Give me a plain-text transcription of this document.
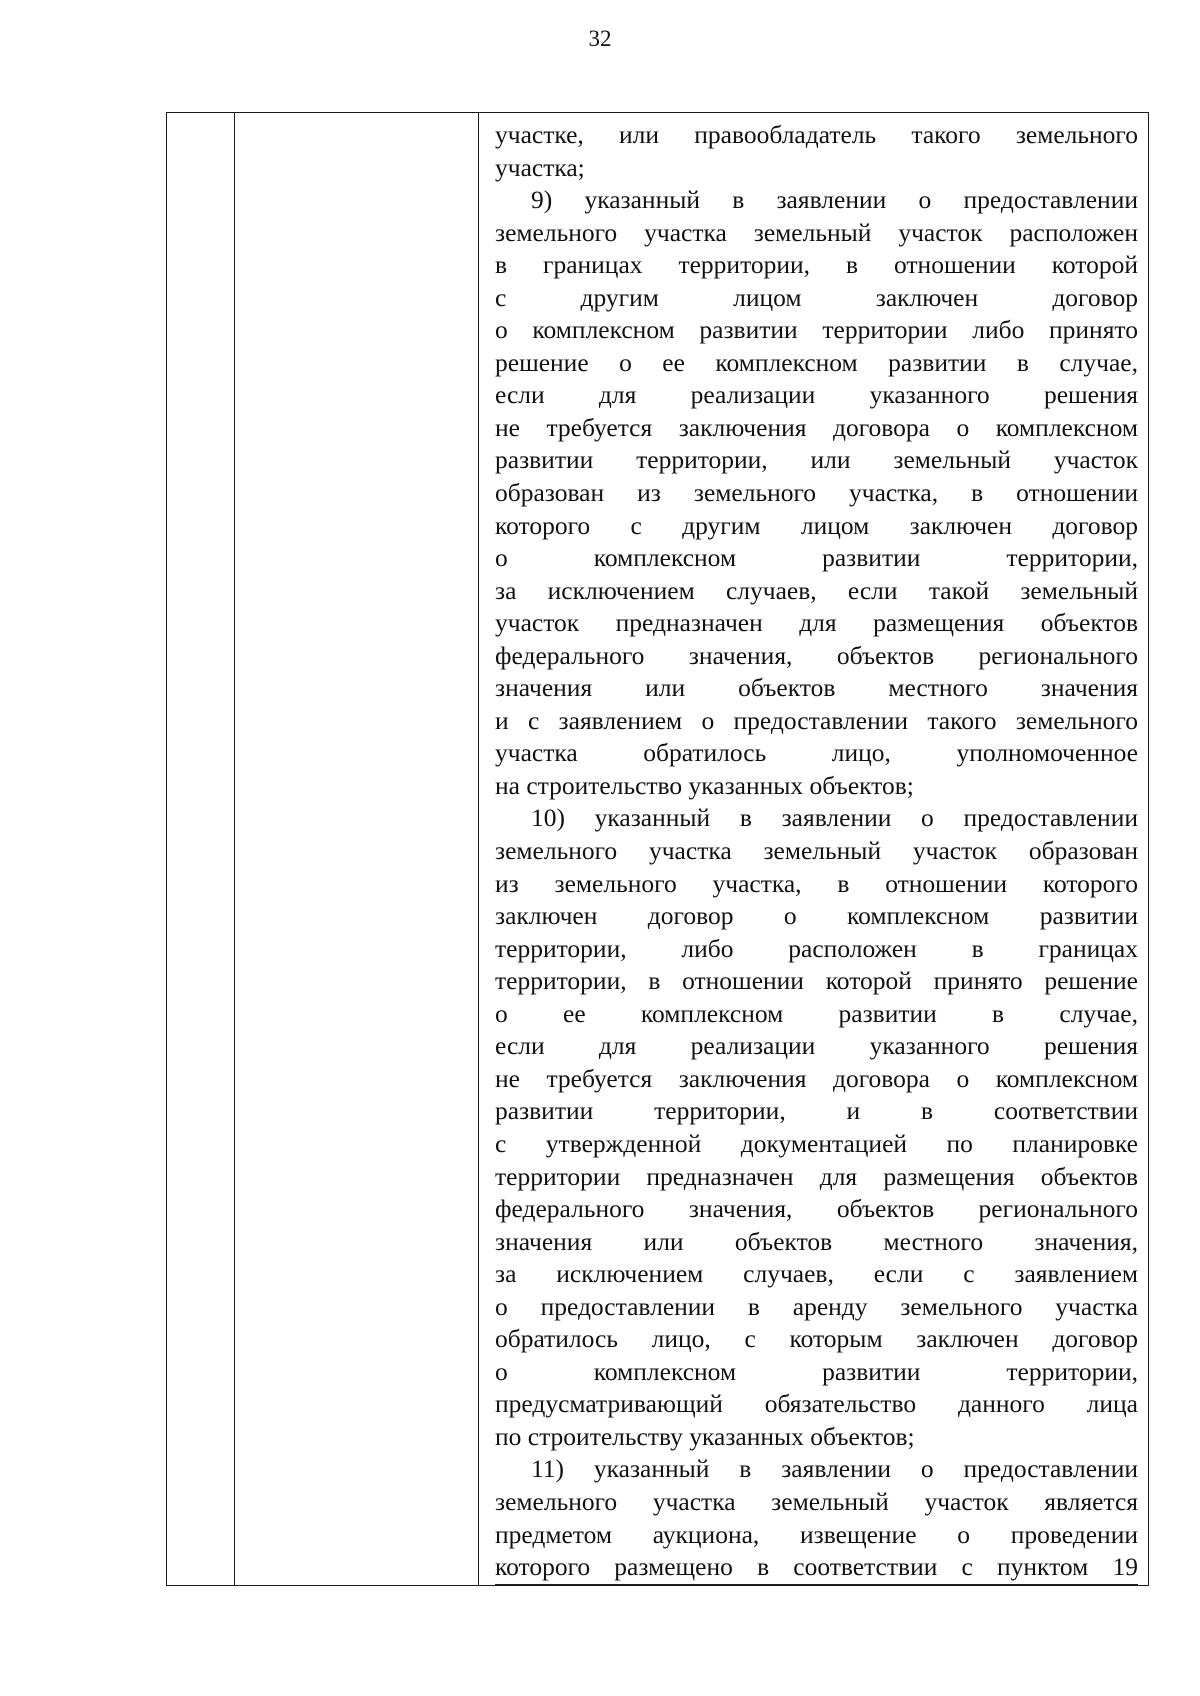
32

участке, или правообладатель такого земельного
участка;
9) указанный в заявлении о предоставлении
земельного участка земельный участок расположен
в границах территории, в отношении которой
с другим лицом заключен договор
о комплексном развитии территории либо принято
решение о ее комплексном развитии в случае,
если для реализации указанного решения
не требуется заключения договора о комплексном
развитии территории, или земельный участок
образован из земельного участка, в отношении
которого с другим лицом заключен договор
о комплексном развитии территории,
за исключением случаев, если такой земельный
участок предназначен для размещения объектов
федерального значения, объектов регионального
значения или объектов местного значения
и с заявлением о предоставлении такого земельного
участка обратилось лицо, уполномоченное
на строительство указанных объектов;
10) указанный в заявлении о предоставлении
земельного участка земельный участок образован
из земельного участка, в отношении которого
заключен договор о комплексном развитии
территории, либо расположен в границах
территории, в отношении которой принято решение
о ее комплексном развитии в случае,
если для реализации указанного решения
не требуется заключения договора о комплексном
развитии территории, и в соответствии
с утвержденной документацией по планировке
территории предназначен для размещения объектов
федерального значения, объектов регионального
значения или объектов местного значения,
за исключением случаев, если с заявлением
о предоставлении в аренду земельного участка
обратилось лицо, с которым заключен договор
о комплексном развитии территории,
предусматривающий обязательство данного лица
по строительству указанных объектов;
11) указанный в заявлении о предоставлении
земельного участка земельный участок является
предметом аукциона, извещение о проведении
которого размещено в соответствии с пунктом 19
